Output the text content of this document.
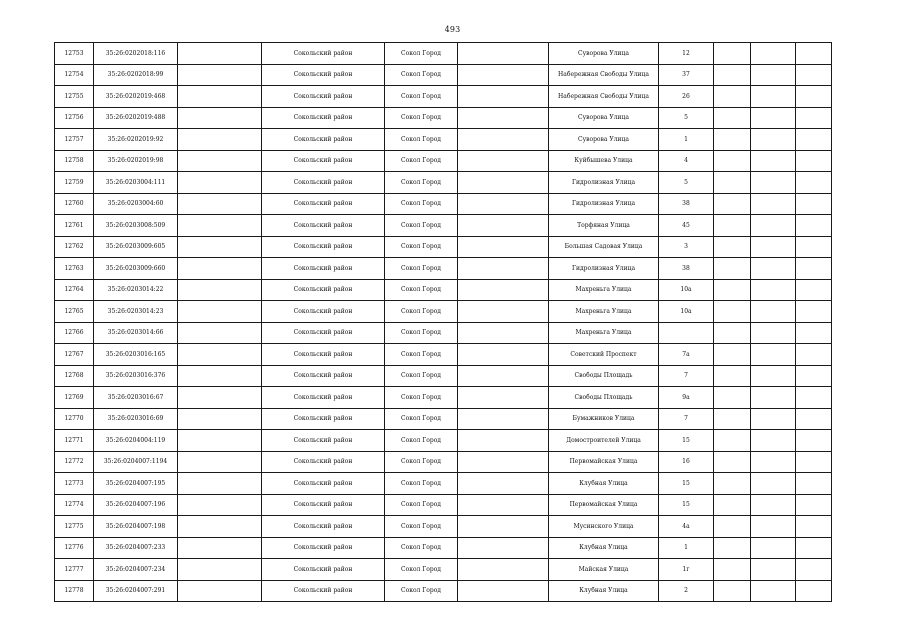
493
12753	35:26:0202018:116		Сокольский район	Сокол Город		Суворова Улица	12			
12754	35:26:0202018:99		Сокольский район	Сокол Город		Набережная Свободы Улица	37			
12755	35:26:0202019:468		Сокольский район	Сокол Город		Набережная Свободы Улица	26			
12756	35:26:0202019:488		Сокольский район	Сокол Город		Суворова Улица	5			
12757	35:26:0202019:92		Сокольский район	Сокол Город		Суворова Улица	1			
12758	35:26:0202019:98		Сокольский район	Сокол Город		Куйбышева Улица	4			
12759	35:26:0203004:111		Сокольский район	Сокол Город		Гидролизная Улица	5			
12760	35:26:0203004:60		Сокольский район	Сокол Город		Гидролизная Улица	38			
12761	35:26:0203008:509		Сокольский район	Сокол Город		Торфяная Улица	45			
12762	35:26:0203009:605		Сокольский район	Сокол Город		Большая Садовая Улица	3			
12763	35:26:0203009:660		Сокольский район	Сокол Город		Гидролизная Улица	38			
12764	35:26:0203014:22		Сокольский район	Сокол Город		Махреньга Улица	10а			
12765	35:26:0203014:23		Сокольский район	Сокол Город		Махреньга Улица	10а			
12766	35:26:0203014:66		Сокольский район	Сокол Город		Махреньга Улица				
12767	35:26:0203016:165		Сокольский район	Сокол Город		Советский Проспект	7а			
12768	35:26:0203016:376		Сокольский район	Сокол Город		Свободы Площадь	7			
12769	35:26:0203016:67		Сокольский район	Сокол Город		Свободы Площадь	9а			
12770	35:26:0203016:69		Сокольский район	Сокол Город		Бумажников Улица	7			
12771	35:26:0204004:119		Сокольский район	Сокол Город		Домостроителей Улица	15			
12772	35:26:0204007:1194		Сокольский район	Сокол Город		Первомайская Улица	16			
12773	35:26:0204007:195		Сокольский район	Сокол Город		Клубная Улица	15			
12774	35:26:0204007:196		Сокольский район	Сокол Город		Первомайская Улица	15			
12775	35:26:0204007:198		Сокольский район	Сокол Город		Мусинского Улица	4а			
12776	35:26:0204007:233		Сокольский район	Сокол Город		Клубная Улица	1			
12777	35:26:0204007:234		Сокольский район	Сокол Город		Майская Улица	1г			
12778	35:26:0204007:291		Сокольский район	Сокол Город		Клубная Улица	2			
